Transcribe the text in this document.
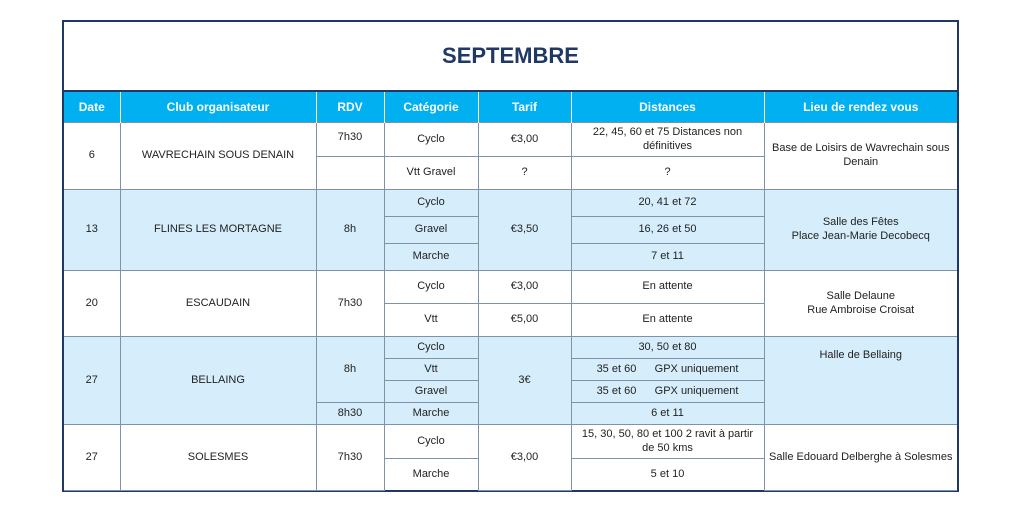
SEPTEMBRE
Date	Club organisateur	RDV	Catégorie	Tarif	Distances	Lieu de rendez vous
6	WAVRECHAIN SOUS DENAIN	7h30	Cyclo	€3,00	22, 45, 60 et 75 Distances non définitives	Base de Loisirs de Wavrechain sous Denain
			Vtt Gravel	?	?	
13	FLINES LES MORTAGNE	8h	Cyclo	€3,50	20, 41 et 72	Salle des Fêtes
Place Jean-Marie Decobecq
			Gravel		16, 26 et 50	
			Marche		7 et 11	
20	ESCAUDAIN	7h30	Cyclo	€3,00	En attente	Salle Delaune
Rue Ambroise Croisat
			Vtt	€5,00	En attente	
27	BELLAING	8h	Cyclo	3€	30, 50 et 80	Halle de Bellaing
			Vtt		35 et 60      GPX uniquement	
			Gravel		35 et 60      GPX uniquement	
		8h30	Marche		6 et 11	
27	SOLESMES	7h30	Cyclo	€3,00	15, 30, 50, 80 et 100 2 ravit à partir de 50 kms	Salle Edouard Delberghe à Solesmes
			Marche		5 et 10	
